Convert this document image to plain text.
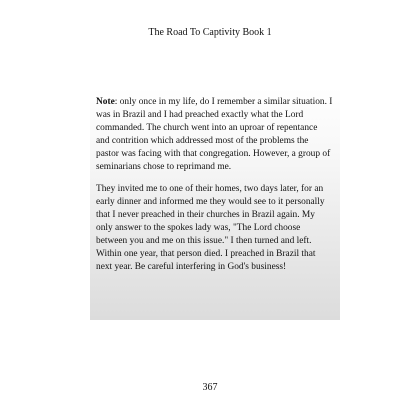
The Road To Captivity Book 1

Note: only once in my life, do I remember a similar situation. I
was in Brazil and I had preached exactly what the Lord
commanded. The church went into an uproar of repentance
and contrition which addressed most of the problems the
pastor was facing with that congregation. However, a group of
seminarians chose to reprimand me.

They invited me to one of their homes, two days later, for an
early dinner and informed me they would see to it personally
that I never preached in their churches in Brazil again. My
only answer to the spokes lady was, "The Lord choose
between you and me on this issue." I then turned and left.
Within one year, that person died. I preached in Brazil that
next year. Be careful interfering in God's business!

367
